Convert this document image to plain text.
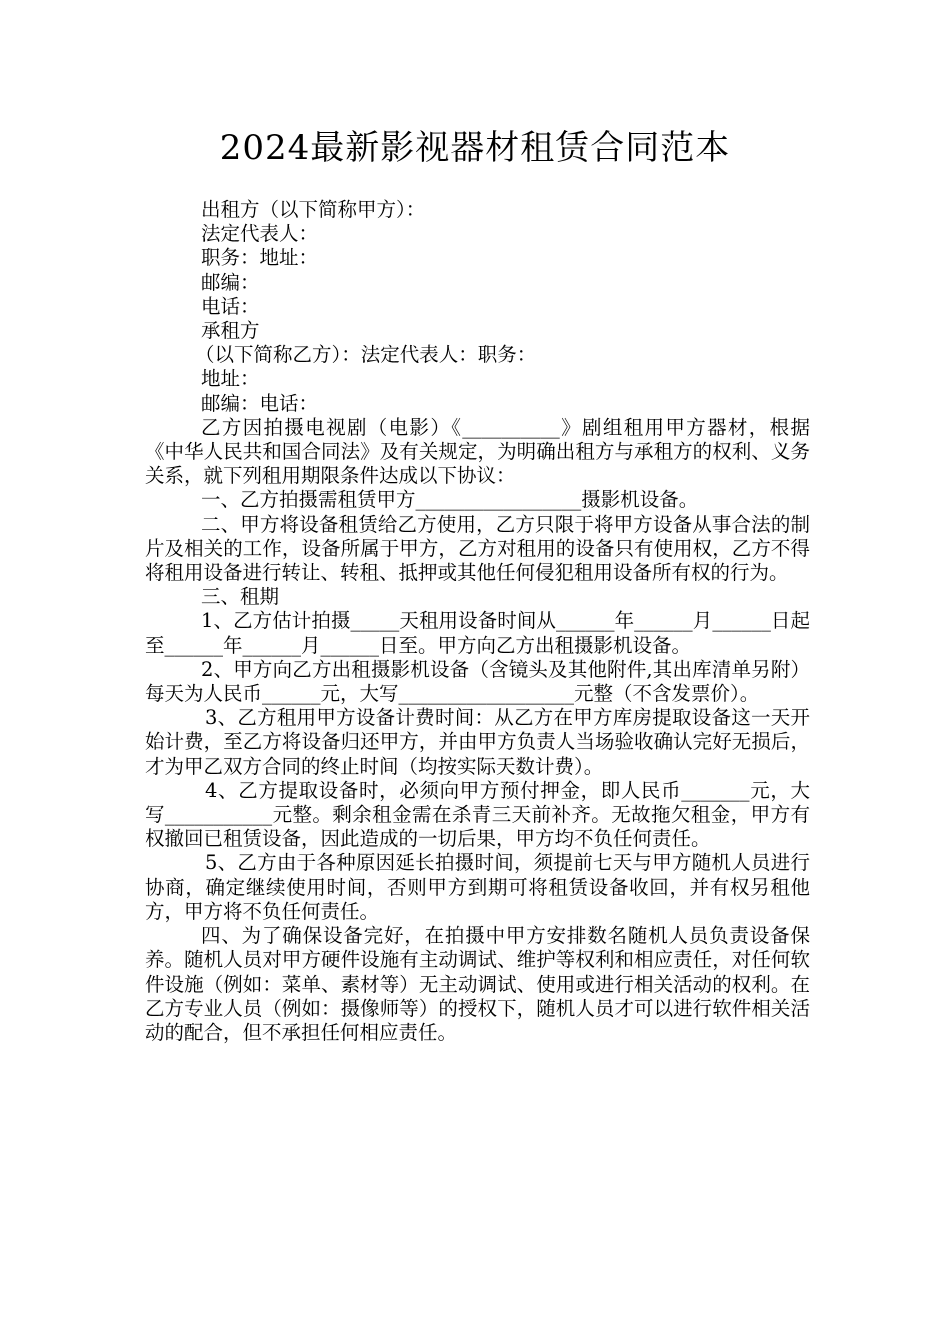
2024最新影视器材租赁合同范本

出租方（以下简称甲方）：

法定代表人：

职务：地址：

邮编：

电话：

承租方

（以下简称乙方）：法定代表人：职务：

地址：

邮编：电话：

乙方因拍摄电视剧（电影）《__________》剧组租用甲方器材，根据《中华人民共和国合同法》及有关规定，为明确出租方与承租方的权利、义务关系，就下列租用期限条件达成以下协议：

一、乙方拍摄需租赁甲方_________________摄影机设备。

二、甲方将设备租赁给乙方使用，乙方只限于将甲方设备从事合法的制片及相关的工作，设备所属于甲方，乙方对租用的设备只有使用权，乙方不得将租用设备进行转让、转租、抵押或其他任何侵犯租用设备所有权的行为。

三、租期

1、乙方估计拍摄_____天租用设备时间从______年______月______日起至______年______月______日至。甲方向乙方出租摄影机设备。

2、甲方向乙方出租摄影机设备（含镜头及其他附件,其出库清单另附）每天为人民币______元，大写__________________元整（不含发票价）。

3、乙方租用甲方设备计费时间：从乙方在甲方库房提取设备这一天开始计费，至乙方将设备归还甲方，并由甲方负责人当场验收确认完好无损后，才为甲乙双方合同的终止时间（均按实际天数计费）。

4、乙方提取设备时，必须向甲方预付押金，即人民币_______元，大写___________元整。剩余租金需在杀青三天前补齐。无故拖欠租金，甲方有权撤回已租赁设备，因此造成的一切后果，甲方均不负任何责任。

5、乙方由于各种原因延长拍摄时间，须提前七天与甲方随机人员进行协商，确定继续使用时间，否则甲方到期可将租赁设备收回，并有权另租他方，甲方将不负任何责任。

四、为了确保设备完好，在拍摄中甲方安排数名随机人员负责设备保养。随机人员对甲方硬件设施有主动调试、维护等权利和相应责任，对任何软件设施（例如：菜单、素材等）无主动调试、使用或进行相关活动的权利。在乙方专业人员（例如：摄像师等）的授权下，随机人员才可以进行软件相关活动的配合，但不承担任何相应责任。
